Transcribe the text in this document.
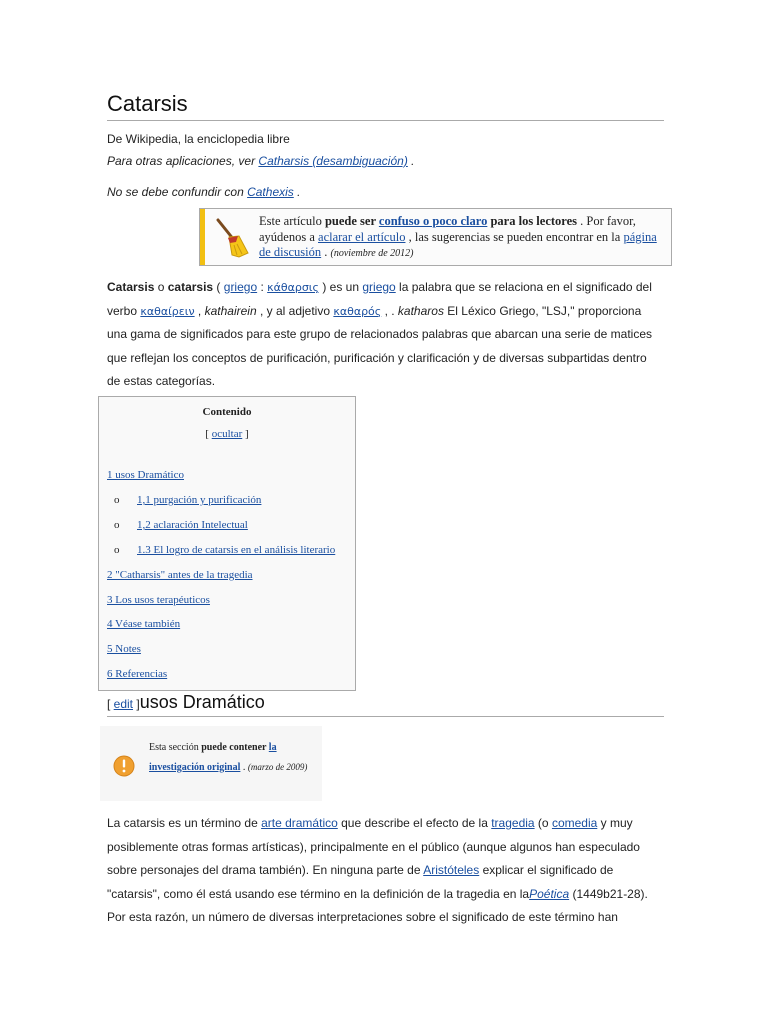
Catarsis
De Wikipedia, la enciclopedia libre
Para otras aplicaciones, ver Catharsis (desambiguación) .
No se debe confundir con Cathexis .
Este artículo puede ser confuso o poco claro para los lectores . Por favor, ayúdenos a aclarar el artículo , las sugerencias se pueden encontrar en la página de discusión . (noviembre de 2012)
Catarsis o catarsis ( griego : κάθαρσις ) es un griego la palabra que se relaciona en el significado del verbo καθαίρειν , kathairein , y al adjetivo καθαρός , . katharos El Léxico Griego, "LSJ," proporciona una gama de significados para este grupo de relacionados palabras que abarcan una serie de matices que reflejan los conceptos de purificación, purificación y clarificación y de diversas subpartidas dentro de estas categorías.
Contenido
[ ocultar ]
1 usos Dramático
o 1,1 purgación y purificación
o 1,2 aclaración Intelectual
o 1.3 El logro de catarsis en el análisis literario
2 "Catharsis" antes de la tragedia
3 Los usos terapéuticos
4 Véase también
5 Notes
6 Referencias
[ edit ]usos Dramático
Esta sección puede contener la investigación original . (marzo de 2009)
La catarsis es un término de arte dramático que describe el efecto de la tragedia (o comedia y muy posiblemente otras formas artísticas), principalmente en el público (aunque algunos han especulado sobre personajes del drama también). En ninguna parte de Aristóteles explicar el significado de "catarsis", como él está usando ese término en la definición de la tragedia en laPoética (1449b21-28). Por esta razón, un número de diversas interpretaciones sobre el significado de este término han
